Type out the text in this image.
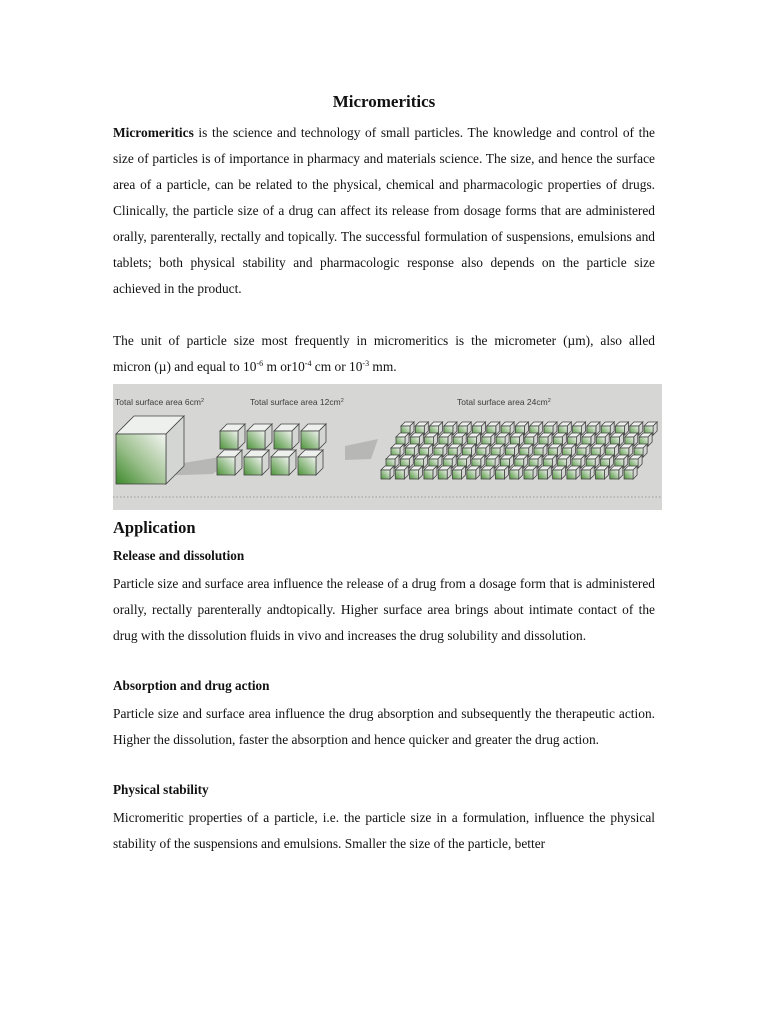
Micromeritics
Micromeritics is the science and technology of small particles. The knowledge and control of the size of particles is of importance in pharmacy and materials science. The size, and hence the surface area of a particle, can be related to the physical, chemical and pharmacologic properties of drugs. Clinically, the particle size of a drug can affect its release from dosage forms that are administered orally, parenterally, rectally and topically. The successful formulation of suspensions, emulsions and tablets; both physical stability and pharmacologic response also depends on the particle size achieved in the product.
The unit of particle size most frequently in micromeritics is the micrometer (µm), also alled
micron (µ) and equal to $10^{-6}$ m $or10^{-4}$ cm or $10^{-3}$ mm.
Total surface area $6cm^2$	Total surface area $12cm^2$	Total surface area $24cm^2$
Application
Release and dissolution
Particle size and surface area influence the release of a drug from a dosage form that is administered orally, rectally parenterally andtopically. Higher surface area brings about intimate contact of the drug with the dissolution fluids in vivo and increases the drug solubility and dissolution.
Absorption and drug action
Particle size and surface area influence the drug absorption and subsequently the therapeutic action. Higher the dissolution, faster the absorption and hence quicker and greater the drug action.
Physical stability
Micromeritic properties of a particle, i.e. the particle size in a formulation, influence the physical stability of the suspensions and emulsions. Smaller the size of the particle, better
